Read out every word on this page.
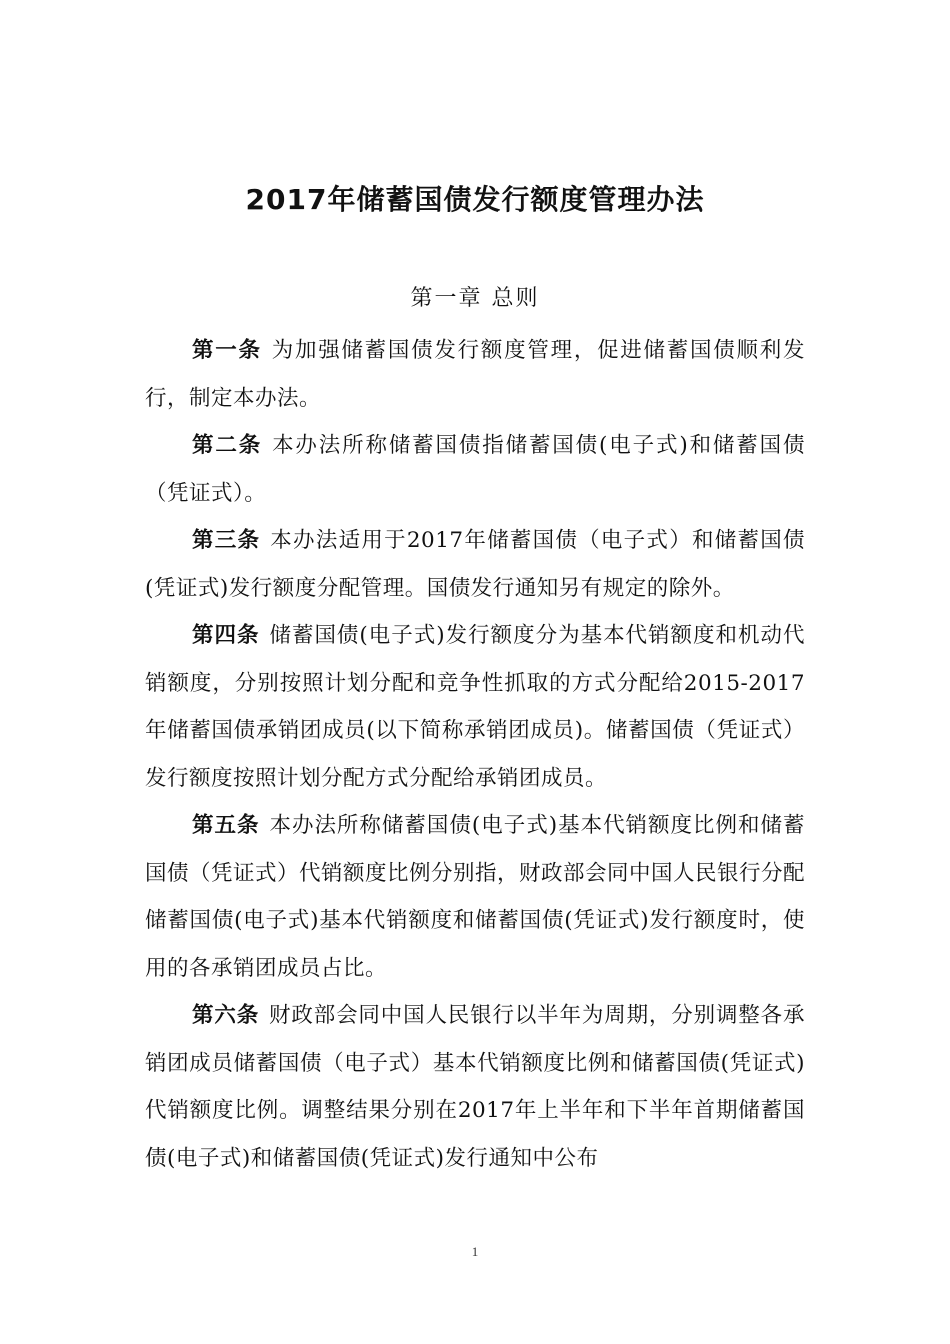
2017年储蓄国债发行额度管理办法
第一章 总则

第一条 为加强储蓄国债发行额度管理，促进储蓄国债顺利发行，制定本办法。

第二条 本办法所称储蓄国债指储蓄国债(电子式)和储蓄国债（凭证式）。

第三条 本办法适用于2017年储蓄国债（电子式）和储蓄国债(凭证式)发行额度分配管理。国债发行通知另有规定的除外。

第四条 储蓄国债(电子式)发行额度分为基本代销额度和机动代销额度，分别按照计划分配和竞争性抓取的方式分配给2015-2017年储蓄国债承销团成员(以下简称承销团成员)。储蓄国债（凭证式）发行额度按照计划分配方式分配给承销团成员。

第五条 本办法所称储蓄国债(电子式)基本代销额度比例和储蓄国债（凭证式）代销额度比例分别指，财政部会同中国人民银行分配储蓄国债(电子式)基本代销额度和储蓄国债(凭证式)发行额度时，使用的各承销团成员占比。

第六条 财政部会同中国人民银行以半年为周期，分别调整各承销团成员储蓄国债（电子式）基本代销额度比例和储蓄国债(凭证式)代销额度比例。调整结果分别在2017年上半年和下半年首期储蓄国债(电子式)和储蓄国债(凭证式)发行通知中公布

1
